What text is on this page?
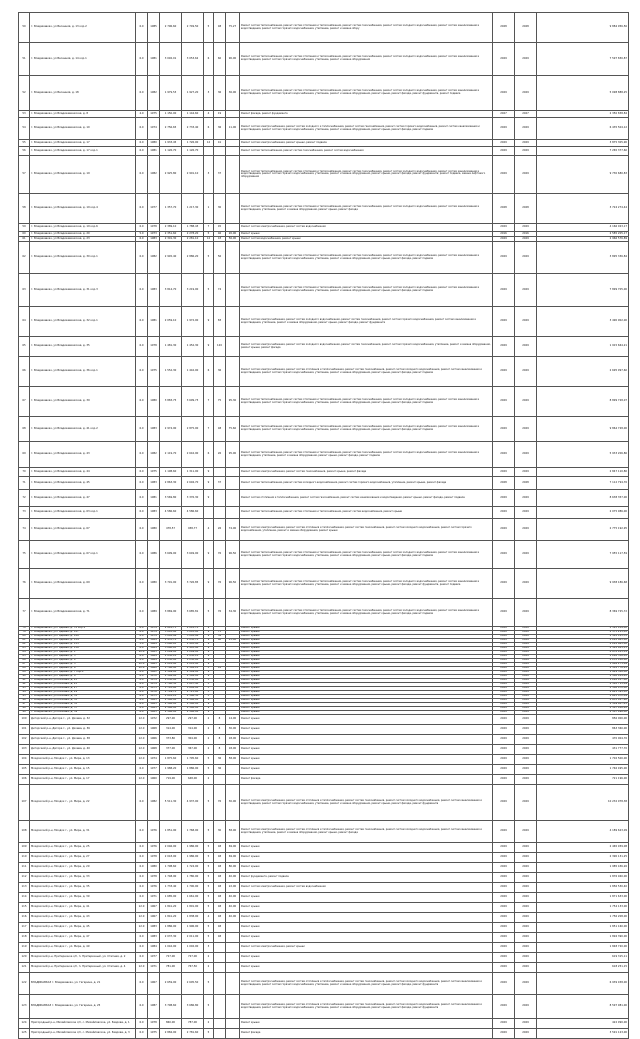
50	г. Владикавказ, ул Весенняя, д. 13 кор.2	6.0	1985	2 796,60	2 749,50	5	48	75,27	Ремонт систем теплоснабжения, ремонт систем отопления и теплоснабжения, ремонт систем газоснабжения, ремонт систем холодного водоснабжения, ремонт систем канализования и водоотведения, ремонт систем горячего водоснабжения, утепление, ремонт и замена обору	2028	2028	9 884 956,56
51	г. Владикавказ, ул Весенняя, д. 14 кор.1	6.0	1981	3 092,01	3 053,62	6	60	90,00	Ремонт систем теплоснабжения, ремонт систем отопления и теплоснабжения, ремонт систем газоснабжения, ремонт систем холодного водоснабжения, ремонт систем канализования и водоотведения, ремонт систем горячего водоснабжения, утепление, ремонт и замена оборудования	2029	2029	7 597 830,87
52	г. Владикавказ, ул Весенняя, д. 18	6.0	1982	1 979,53	1 927,20	3	36	36,00	Ремонт систем теплоснабжения, ремонт систем отопления и теплоснабжения, ремонт систем газоснабжения, ремонт систем холодного водоснабжения, ремонт систем канализования и водоотведения, ремонт систем горячего водоснабжения, утепление, ремонт и замена оборудования, ремонт крыши, ремонт фасада, ремонт фундамента, ремонт подвала	2029	2029	5 098 888,25
53	г. Владикавказ, ул Владикавказская, д. 8	4.0	1975	1 150,00	1 144,60	4	19		Ремонт фасада, ремонт фундамента	2027	2027	2 350 838,84
54	г. Владикавказ, ул Владикавказская, д. 10	6.0	1974	2 756,65	2 733,40	6	36	11,00	Ремонт систем электроснабжения, ремонт систем холодного и теплоснабжения, ремонт систем газоснабжения, ремонт систем горячего водоснабжения, ремонт систем канализования и водоотведения, ремонт систем горячего водоснабжения, утепление, ремонт и замена оборудования, ремонт крыши, ремонт фасада, ремонт подвала	2029	2029	6 435 504,12
55	г. Владикавказ, ул Владикавказская, д. 17	6.0	1980	1 933,45	1 726,00	12	41		Ремонт систем электроснабжения, ремонт крыши, ремонт подвала	2029	2029	3 875 305,90
56	г. Владикавказ, ул Владикавказская, д. 17 кор.1	6.0	1981	1 126,70	1 126,70				Ремонт систем теплоснабжения, ремонт систем газоснабжения, ремонт систем водоснабжения	2029	2029	7 265 377,60
57	г. Владикавказ, ул Владикавказская, д. 19	6.0	1982	2 925,80	2 901,10	3	37		Ремонт систем теплоснабжения, ремонт систем отопления и теплоснабжения, ремонт систем газоснабжения, ремонт систем холодного водоснабжения, ремонт систем канализования и водоотведения, ремонт систем горячего водоснабжения, утепление, ремонт и замена оборудования, ремонт крыши, ремонт фасада, ремонт фундамента, ремонт подвала, замена лифтового оборудования	2029	2029	9 730 680,83
58	г. Владикавказ, ул Владикавказская, д. 19 кор.4	6.0	1977	1 357,70	1 217,30	1	30		Ремонт систем теплоснабжения, ремонт систем отопления и теплоснабжения, ремонт систем газоснабжения, ремонт систем холодного водоснабжения, ремонт систем канализования и водоотведения, утепление, ремонт и замена оборудования, ремонт крыши, ремонт фасада	2028	2028	3 724 274,44
59	г. Владикавказ, ул Владикавказская, д. 19 кор.6	6.0	1978	2 389,10	1 788,43	7	45		Ремонт систем электроснабжения, ремонт систем водоснабжения	2029	2029	4 166 023,17
60	г. Владикавказ, ул Владикавказская, д. 20	5.0	1973	2 351,60	2 278,20	5	46	20,00	Ремонт крыши	2016	2016	2 585 205,17
61	г. Владикавказ, ул Владикавказская, д. 23	6.0	1983	2 301,30	2 281,10	12	43	56,00	Ремонт систем водоснабжения, ремонт крыши	2029	2029	2 966 576,89
62	г. Владикавказ, ул Владикавказская, д. 30 кор.1	6.0	1982	2 945,40	2 886,20	5	56		Ремонт систем теплоснабжения, ремонт систем отопления и теплоснабжения, ремонт систем газоснабжения, ремонт систем холодного водоснабжения, ремонт систем канализования и водоотведения, ремонт систем горячего водоснабжения, утепление, ремонт и замена оборудования, ремонт крыши, ремонт фасада, ремонт подвала	2029	2029	3 895 336,84
63	г. Владикавказ, ул Владикавказская, д. 31 кор.3	6.0	1983	3 814,70	3 219,00	5	74		Ремонт систем теплоснабжения, ремонт систем отопления и теплоснабжения, ремонт систем газоснабжения, ремонт систем холодного водоснабжения, ремонт систем канализования и водоотведения, ремонт систем горячего водоснабжения, утепление, ремонт и замена оборудования, ремонт крыши, ремонт фасада, ремонт подвала	2029	2029	7 899 705,00
64	г. Владикавказ, ул Владикавказская, д. 32 кор.1	6.0	1981	2 059,10	1 972,00	9	83		Ремонт систем электроснабжения, ремонт систем холодного водоснабжения, ремонт систем газоснабжения, ремонт систем горячего водоснабжения, ремонт систем канализования и водоотведения, утепление, ремонт и замена оборудования, ремонт крыши, ремонт фасада, ремонт фундамента	2029	2029	3 490 902,00
65	г. Владикавказ, ул Владикавказская, д. 35	6.0	1978	1 481,30	1 452,30	9	120		Ремонт систем электроснабжения, ремонт систем холодного водоснабжения, ремонт систем газоснабжения, ремонт систем горячего водоснабжения, утепление, ремонт и замена оборудования, ремонт крыши, ремонт фасада	2029	2029	1 915 664,21
66	г. Владикавказ, ул Владикавказская, д. 36 кор.1	6.0	1975	1 552,30	1 442,00	6	36		Ремонт систем электроснабжения, ремонт систем отопления и теплоснабжения, ремонт систем газоснабжения, ремонт систем холодного водоснабжения, ремонт систем канализования и водоотведения, ремонт систем горячего водоснабжения, утепление, ремонт и замена оборудования, ремонт крыши, ремонт фасада, ремонт подвала	2029	2029	2 695 997,60
67	г. Владикавказ, ул Владикавказская, д. 39	6.0	1980	3 883,75	3 699,73	7	75	95,30	Ремонт систем теплоснабжения, ремонт систем отопления и теплоснабжения, ремонт систем газоснабжения, ремонт систем холодного водоснабжения, ремонт систем канализования и водоотведения, ремонт систем горячего водоснабжения, утепление, ремонт и замена оборудования, ремонт крыши, ремонт фасада, ремонт подвала	2029	2029	8 899 728,07
68	г. Владикавказ, ул Владикавказская, д. 41 кор.2	6.0	1983	2 974,90	2 875,00	7	48	75,60	Ремонт систем теплоснабжения, ремонт систем отопления и теплоснабжения, ремонт систем газоснабжения, ремонт систем холодного водоснабжения, ремонт систем канализования и водоотведения, ремонт систем горячего водоснабжения, утепление, ремонт и замена оборудования, ремонт крыши, ремонт фасада, ремонт подвала	2029	2029	9 864 728,00
69	г. Владикавказ, ул Владикавказская, д. 43	6.0	1982	2 119,70	2 616,90	6	26	95,00	Ремонт систем теплоснабжения, ремонт систем отопления и теплоснабжения, ремонт систем газоснабжения, ремонт систем холодного водоснабжения, ремонт систем канализования и водоотведения, утепление, ремонт и замена оборудования, ремонт крыши, ремонт фасада, ремонт подвала	2029	2029	5 933 206,86
70	г. Владикавказ, ул Владикавказская, д. 44	6.0	1975	1 198,60	1 311,00	9			Ремонт систем электроснабжения, ремонт систем газоснабжения, ремонт крыши, ремонт фасада	2029	2029	2 847 110,80
71	г. Владикавказ, ул Владикавказская, д. 45	6.0	1983	2 863,30	2 694,70	9	37		Ремонт систем теплоснабжения, ремонт систем холодного водоснабжения, ремонт систем горячего водоснабжения, утепление, ремонт крыши, ремонт фасада	2028	2028	7 112 794,76
72	г. Владикавказ, ул Владикавказская, д. 47	6.0	1981	3 569,80	3 376,30	9			Ремонт систем отопления и теплоснабжения, ремонт систем газоснабжения, ремонт систем канализования и водоотведения, ремонт крыши, ремонт фасада, ремонт подвала	2029	2029	8 638 357,00
73	г. Владикавказ, ул Владикавказская, д. 63 кор.1	6.0	1983	4 586,60	4 586,60				Ремонт систем теплоснабжения, ремонт систем отопления и теплоснабжения, ремонт систем водоснабжения, ремонт крыши	2029	2029	2 075 986,00
74	г. Владикавказ, ул Владикавказская, д. 67	6.0	1980	478,57	938,77	4	26	74,00	Ремонт систем электроснабжения, ремонт систем отопления и теплоснабжения, ремонт систем газоснабжения, ремонт систем холодного водоснабжения, ремонт систем горячего водоснабжения, утепление, ремонт и замена оборудования, ремонт крыши	2029	2029	2 775 192,95
75	г. Владикавказ, ул Владикавказская, д. 67 кор.1	6.0	1986	3 699,00	3 649,00	9	76	96,50	Ремонт систем теплоснабжения, ремонт систем отопления и теплоснабжения, ремонт систем газоснабжения, ремонт систем холодного водоснабжения, ремонт систем канализования и водоотведения, ремонт систем горячего водоснабжения, утепление, ремонт и замена оборудования, ремонт крыши, ремонт фасада, ремонт подвала	2029	2029	7 955 117,59
76	г. Владикавказ, ул Владикавказская, д. 69	6.0	1980	3 791,00	3 726,85	9	76	96,50	Ремонт систем теплоснабжения, ремонт систем отопления и теплоснабжения, ремонт систем газоснабжения, ремонт систем холодного водоснабжения, ремонт систем канализования и водоотведения, ремонт систем горячего водоснабжения, утепление, ремонт и замена оборудования, ремонт крыши, ремонт фасада, ремонт фундамента, ремонт подвала	2029	2029	9 938 186,68
77	г. Владикавказ, ул Владикавказская, д. 71	6.0	1989	3 869,90	3 685,81	5	76	34,30	Ремонт систем теплоснабжения, ремонт систем отопления и теплоснабжения, ремонт систем газоснабжения, ремонт систем холодного водоснабжения, ремонт систем канализования и водоотведения, ремонт систем горячего водоснабжения, утепление, ремонт и замена оборудования, ремонт крыши, ремонт фасада, ремонт подвала	2029	2029	8 369 725,72
78	г. Владикавказ, ул Гадиева, д. 78 кор.1	6.0	1974	2 841,73	2 041,70	9			Ремонт крыши	2028	2028	2 393 189,00
79	г. Владикавказ, ул Гадиева, д. 127	6.0	1974	3 003,90	3 003,00	9	73		Ремонт крыши	2028	2028	2 375 213,85
80	г. Владикавказ, ул Гадиева, д. 128	6.0	1974	3 002,96	3 002,96	9	54		Ремонт крыши	2028	2028	2 342 143,33
81	г. Владикавказ, ул Гадиева, д. 134	6.0	1984	2 453,70	2 030,70	9	60	23,00	Ремонт крыши	2029	2029	2 242 663,82
82	г. Владикавказ, ул Гадиева, д. 135	5.0	1964	3 060,65	2 985,88	9			Ремонт крыши	2029	2029	2 242 663,82
83	г. Владикавказ, ул Гадиева, д. 136	6.0	1984	3 060,65	2 985,88	9			Ремонт крыши	2029	2029	2 342 441,15
84	г. Владикавказ, ул Гадиева, д. 1	12.0	1983	1 269,00	1 269,00	9			Ремонт крыши	2029	2029	4 878 413,14
85	г. Владикавказ, ул Гадиева, д. 3	6.0	1964	2 850,10	2 850,10	9			Ремонт крыши	2029	2029	2 246 356,83
86	г. Владикавказ, ул Гадиева, д. 4	6.0	1964	1 250,00	1 250,00	9			Ремонт крыши	2029	2029	2 235 416,00
87	г. Владикавказ, ул Гадиева, д. 5	12.0	1963	2 001,80	2 001,80	9			Ремонт крыши	2029	2029	1 964 271,69
88	г. Владикавказ, ул Гадиева, д. 6	12.0	1968	1 768,80	2 364,10	5	18		Ремонт крыши	2028	2028	2 581 776,95
89	г. Владикавказ, ул Гадиева, д. 7 кор.2	6.0	1981	2 569,00	2 569,00	9			Ремонт крыши	2029	2029	1 949 326,08
90	г. Владикавказ, ул Гадиева, д. 8	6.0	1970	2 364,00	2 364,00	9			Ремонт крыши	2028	2028	2 300 419,42
91	г. Владикавказ, ул Калоева, д. 23	6.0	1974	1 250,00	1 250,00	5			Ремонт крыши	2029	2029	1 248 417,00
92	г. Владикавказ, ул Калоева, д. 25	6.0	1974	1 760,30	1 697,40	5			Ремонт крыши	2029	2029	2 365 715,09
93	г. Владикавказ, ул Калоева, д. 27	6.0	1975	1 795,60	1 684,00	5			Ремонт крыши	2029	2029	2 388 470,00
94	г. Владикавказ, ул Калоева, д. 29	6.0	1976	2 749,70	2 723,60	5			Ремонт крыши	2029	2029	2 641 395,10
95	г. Владикавказ, ул Калоева, д. 31	6.0	1975	2 681,10	2 566,30	5			Ремонт крыши	2029	2029	2 645 872,09
96	г. Владикавказ, ул Калоева, д. 33	6.0	1983	2 596,00	2 596,00	9			Ремонт крыши	2029	2029	2 655 427,90
97	г. Владикавказ, ул Калоева, д. 35	6.0	1983	2 596,00	2 596,00	9			Ремонт крыши	2029	2029	2 589 407,43
98	г. Владикавказ, ул Калоева, д. 37	6.0	1983	2 596,00	2 596,00	9			Ремонт крыши	2029	2029	2 567 916,26
99	г. Владикавказ, ул Калоева, д. 39	6.0	1983	2 596,00	2 596,00	9			Ремонт крыши	2029	2029	2 587 996,00
100	Дигорский р-н, Дигора г., ул. Дзоева, д. 32	12.0	1972	297,00	297,00	2	8	14,00	Ремонт крыши	2029	2029	856 000,00
101	Дигорский р-н, Дигора г., ул. Дзоева, д. 36	12.0	1968	314,00	314,00	2	8	30,00	Ремонт крыши	2029	2029	863 360,00
102	Дигорский р-н, Дигора г., ул. Дзоева, д. 38	12.0	1966	373,80	304,00	2	8	18,00	Ремонт крыши	2029	2029	470 004,76
103	Дигорский р-н, Дигора г., ул. Дзоева, д. 40	12.0	1968	377,00	367,00	2	8	18,00	Ремонт крыши	2029	2029	431 777,70
104	Моздокский р-н, Моздок г., ул. Мира, д. 13	12.0	1974	1 875,60	1 795,60	5	36	58,00	Ремонт крыши	2029	2029	1 702 500,00
105	Моздокский р-н, Моздок г., ул. Мира, д. 15	6.0	1977	1 988,20	1 886,00	5	36		Ремонт крыши	2029	2029	1 746 495,00
106	Моздокский р-н, Моздок г., ул. Мира, д. 17	12.0	1960	719,00	648,00	2			Ремонт фасада	2029	2029	721 196,00
107	Моздокский р-н, Моздок г., ул. Мира, д. 22	6.0	1982	5 511,30	4 937,00	5	76	30,00	Ремонт систем электроснабжения, ремонт систем отопления и теплоснабжения, ремонт систем газоснабжения, ремонт систем холодного водоснабжения, ремонт систем канализования и водоотведения, ремонт систем горячего водоснабжения, утепление, ремонт и замена оборудования, ремонт крыши, ремонт фасада, ремонт фундамента	2029	2029	10 232 978,38
108	Моздокский р-н, Моздок г., ул. Мира, д. 31	6.0	1976	1 851,90	1 768,00	5	30	58,00	Ремонт систем электроснабжения, ремонт систем отопления и теплоснабжения, ремонт систем газоснабжения, ремонт систем холодного водоснабжения, ремонт систем канализования и водоотведения, утепление, ремонт и замена оборудования, ремонт крыши, ремонт фасада	2029	2029	4 189 623,09
109	Моздокский р-н, Моздок г., ул. Мира, д. 25	6.0	1976	2 046,00	1 986,00	5	48	69,00	Ремонт крыши	2029	2029	2 465 939,08
110	Моздокский р-н, Моздок г., ул. Мира, д. 27	6.0	1978	2 043,00	1 986,00	5	48	69,00	Ремонт крыши	2029	2029	2 390 131,25
111	Моздокский р-н, Моздок г., ул. Мира, д. 29	6.0	1980	1 798,60	1 724,00	5	48	80,00	Ремонт крыши	2029	2029	1 985 436,26
112	Моздокский р-н, Моздок г., ул. Мира, д. 33	6.0	1978	1 748,90	1 780,00	5	48	40,00	Ремонт фундамента, ремонт подвала	2029	2029	1 876 940,00
113	Моздокский р-н, Моздок г., ул. Мира, д. 35	6.0	1976	1 733,40	1 700,00	5	48	22,00	Ремонт систем электроснабжения, ремонт систем водоснабжения	2029	2029	1 856 530,40
114	Моздокский р-н, Моздок г., ул. Мира, д. 39	6.0	1971	1 685,00	1 661,00	5	48	40,00	Ремонт крыши	2029	2029	1 871 633,00
115	Моздокский р-н, Моздок г., ул. Мира, д. 41	12.0	1967	1 841,20	1 801,00	5	48	40,00	Ремонт крыши	2029	2029	1 754 133,00
116	Моздокский р-н, Моздок г., ул. Мира, д. 43	12.0	1967	1 841,20	1 838,00	4	48	40,00	Ремонт крыши	2029	2029	1 756 208,00
117	Моздокский р-н, Моздок г., ул. Мира, д. 45	12.0	1983	1 886,00	1 996,00	5	48		Ремонт крыши	2029	2029	1 851 160,00
118	Моздокский р-н, Моздок г., ул. Мира, д. 47	6.0	1983	2 037,30	2 011,00	5	48		Ремонт крыши	2029	2029	1 894 390,00
119	Моздокский р-н, Моздок г., ул. Мира, д. 49	6.0	1984	1 042,00	1 002,00	3			Ремонт систем электроснабжения, ремонт крыши	2029	2029	1 848 720,00
120	Моздокский р-н, Притеречное с/п, п. Притеречный, ул. Степная, д. 2	6.0	1977	727,00	727,00	2			Ремонт крыши	2029	2029	619 315,11
121	Моздокский р-н, Притеречное с/п, п. Притеречный, ул. Степная, д. 4	12.0	1971	781,00	767,50	2			Ремонт крыши	2029	2029	618 251,15
122	ВЛАДИКАВКАЗ г. Владикавказ, ул. Гагарина, д. 21	6.0	1967	2 659,00	2 605,50	5			Ремонт систем электроснабжения, ремонт систем отопления и теплоснабжения, ремонт систем газоснабжения, ремонт систем холодного водоснабжения, ремонт систем канализования и водоотведения, ремонт систем горячего водоснабжения, утепление, ремонт и замена оборудования, ремонт крыши, ремонт фасада, ремонт фундамента	2029	2029	6 939 458,00
123	ВЛАДИКАВКАЗ г. Владикавказ, ул. Гагарина, д. 25	6.0	1987	3 798,60	3 686,80	5			Ремонт систем электроснабжения, ремонт систем отопления и теплоснабжения, ремонт систем газоснабжения, ремонт систем холодного водоснабжения, ремонт систем канализования и водоотведения, ремонт систем горячего водоснабжения, утепление, ремонт и замена оборудования, ремонт крыши, ремонт фасада, ремонт фундамента	2029	2029	8 597 981,00
124	Пригородный р-н, Михайловское с/п, с. Михайловское, ул. Бзарова, д. 1	6.0	1978	860,00	787,00	2			Ремонт крыши	2029	2029	422 990,00
125	Пригородный р-н, Михайловское с/п, с. Михайловское, ул. Бзарова, д. 3	6.0	1975	2 884,00	2 781,60	5			Ремонт фасада	2029	2029	3 591 123,00
